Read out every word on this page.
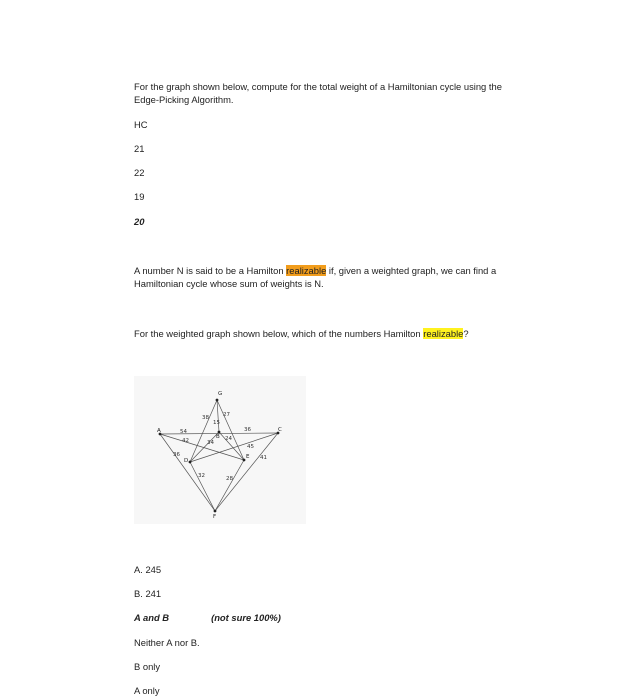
For the graph shown below, compute for the total weight of a Hamiltonian cycle using the
Edge-Picking Algorithm.
HC
21
22
19
20
A number N is said to be a Hamilton realizable if, given a weighted graph, we can find a
Hamiltonian cycle whose sum of weights is N.
For the weighted graph shown below, which of the numbers Hamilton realizable?
G
A
B
C
D
E
F
38	27
15
54
36
42	34
24
36
45
41
32	28
A. 245
B. 241
A and B	(not sure 100%)
Neither A nor B.
B only
A only
